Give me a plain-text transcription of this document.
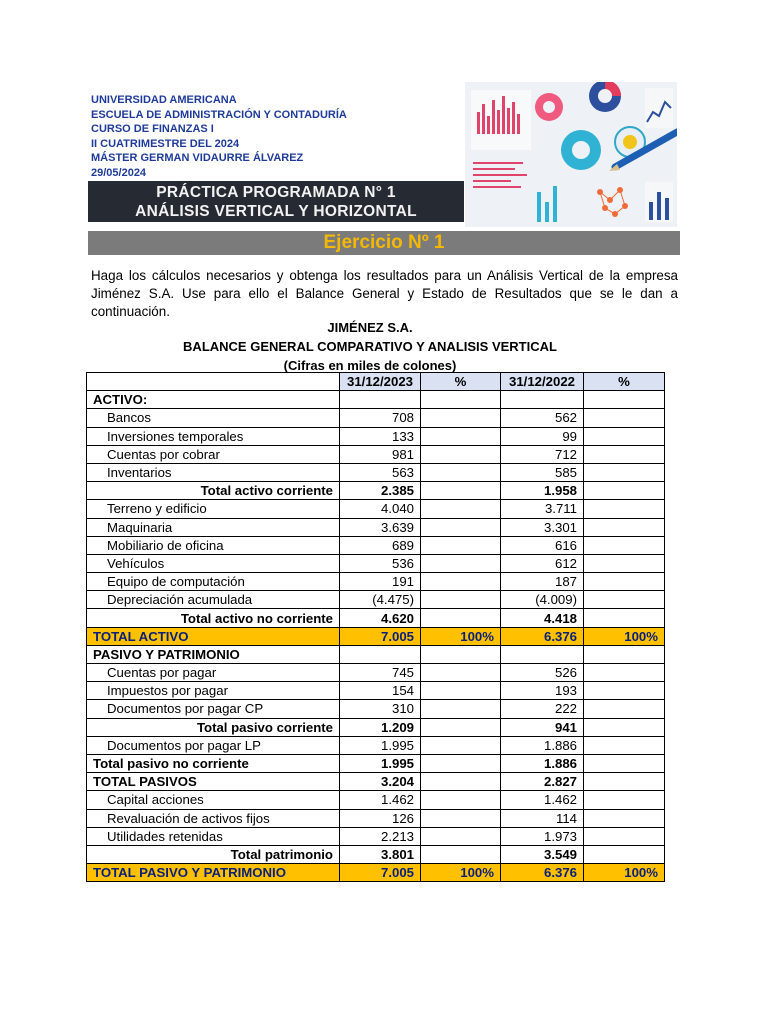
UNIVERSIDAD AMERICANA
ESCUELA DE ADMINISTRACIÓN Y CONTADURÍA
CURSO DE FINANZAS I
II CUATRIMESTRE DEL 2024
MÁSTER GERMAN VIDAURRE ÁLVAREZ
29/05/2024
PRÁCTICA PROGRAMADA N° 1
ANÁLISIS VERTICAL Y HORIZONTAL
Ejercicio Nº 1
Haga los cálculos necesarios y obtenga los resultados para un Análisis Vertical de la empresa Jiménez S.A. Use para ello el Balance General y Estado de Resultados que se le dan a continuación.
JIMÉNEZ S.A.
BALANCE GENERAL COMPARATIVO Y ANALISIS VERTICAL
(Cifras en miles de colones)
	31/12/2023	%	31/12/2022	%
ACTIVO:				
Bancos	708		562	
Inversiones temporales	133		99	
Cuentas por cobrar	981		712	
Inventarios	563		585	
Total activo corriente	2.385		1.958	
Terreno y edificio	4.040		3.711	
Maquinaria	3.639		3.301	
Mobiliario de oficina	689		616	
Vehículos	536		612	
Equipo de computación	191		187	
Depreciación acumulada	(4.475)		(4.009)	
Total activo no corriente	4.620		4.418	
TOTAL ACTIVO	7.005	100%	6.376	100%
PASIVO Y PATRIMONIO				
Cuentas por pagar	745		526	
Impuestos por pagar	154		193	
Documentos por pagar CP	310		222	
Total pasivo corriente	1.209		941	
Documentos por pagar LP	1.995		1.886	
Total pasivo no corriente	1.995		1.886	
TOTAL PASIVOS	3.204		2.827	
Capital acciones	1.462		1.462	
Revaluación de activos fijos	126		114	
Utilidades retenidas	2.213		1.973	
Total patrimonio	3.801		3.549	
TOTAL PASIVO Y PATRIMONIO	7.005	100%	6.376	100%
